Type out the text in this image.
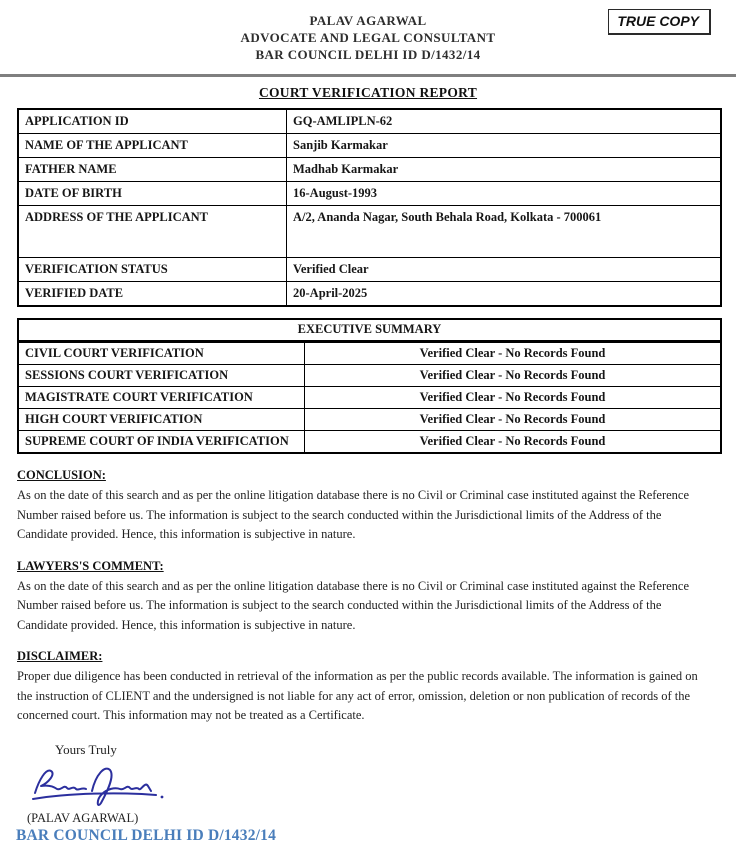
TRUE COPY
PALAV AGARWAL
ADVOCATE AND LEGAL CONSULTANT
BAR COUNCIL DELHI ID D/1432/14
COURT VERIFICATION REPORT
APPLICATION ID	GQ-AMLIPLN-62
NAME OF THE APPLICANT	Sanjib Karmakar
FATHER NAME	Madhab Karmakar
DATE OF BIRTH	16-August-1993
ADDRESS OF THE APPLICANT	A/2, Ananda Nagar, South Behala Road, Kolkata - 700061
VERIFICATION STATUS	Verified Clear
VERIFIED DATE	20-April-2025
EXECUTIVE SUMMARY
CIVIL COURT VERIFICATION	Verified Clear - No Records Found
SESSIONS COURT VERIFICATION	Verified Clear - No Records Found
MAGISTRATE COURT VERIFICATION	Verified Clear - No Records Found
HIGH COURT VERIFICATION	Verified Clear - No Records Found
SUPREME COURT OF INDIA VERIFICATION	Verified Clear - No Records Found
CONCLUSION:
As on the date of this search and as per the online litigation database there is no Civil or Criminal case instituted against the Reference Number raised before us. The information is subject to the search conducted within the Jurisdictional limits of the Address of the Candidate provided. Hence, this information is subjective in nature.
LAWYERS'S COMMENT:
As on the date of this search and as per the online litigation database there is no Civil or Criminal case instituted against the Reference Number raised before us. The information is subject to the search conducted within the Jurisdictional limits of the Address of the Candidate provided. Hence, this information is subjective in nature.
DISCLAIMER:
Proper due diligence has been conducted in retrieval of the information as per the public records available. The information is gained on the instruction of CLIENT and the undersigned is not liable for any act of error, omission, deletion or non publication of records of the concerned court. This information may not be treated as a Certificate.
Yours Truly
(PALAV AGARWAL)
BAR COUNCIL DELHI ID D/1432/14
